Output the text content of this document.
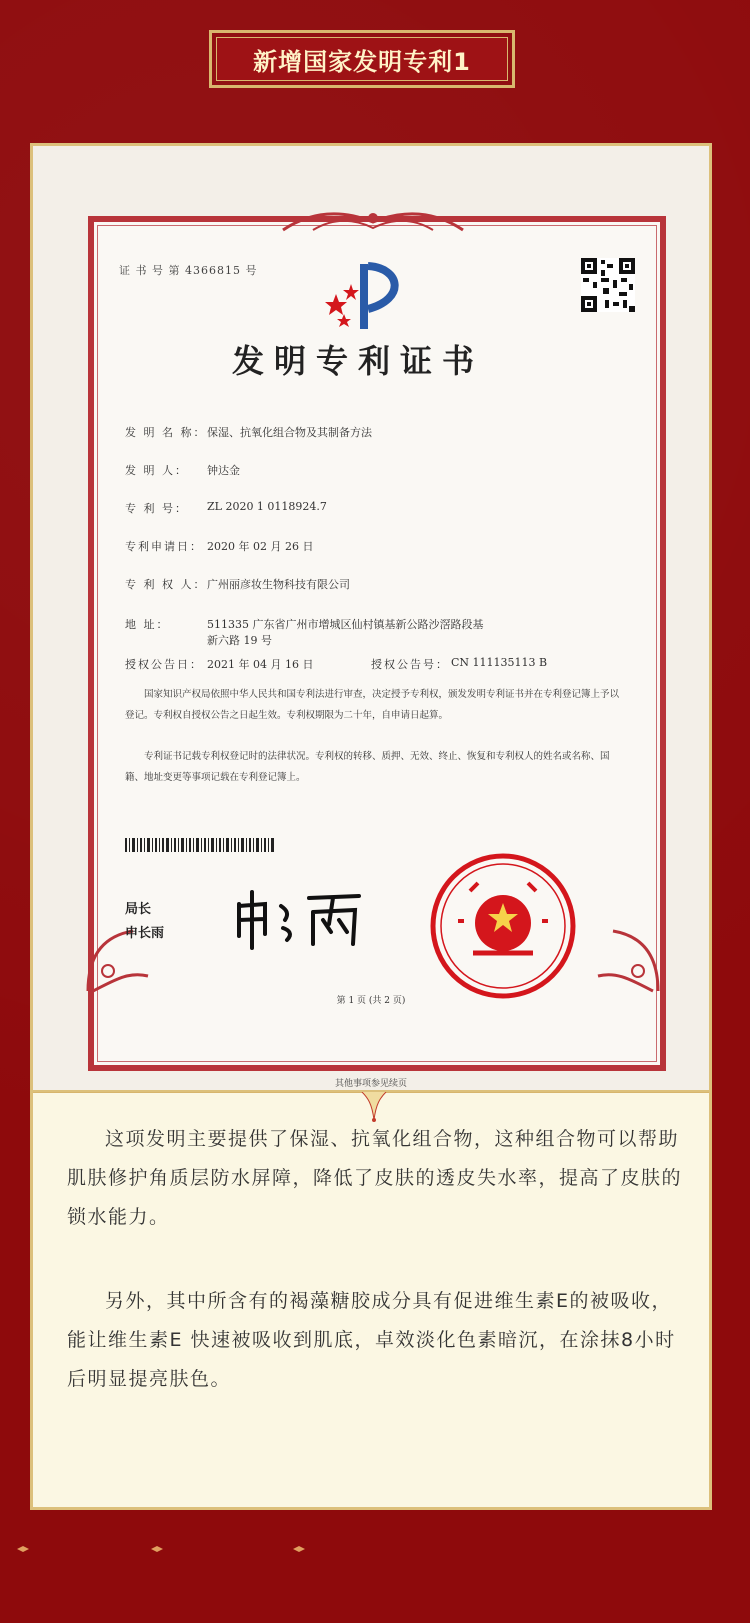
新增国家发明专利1
证 书 号 第 4366815 号
发明专利证书
发 明 名 称： 保湿、抗氧化组合物及其制备方法
发 明 人：	钟达金
专 利 号：	ZL 2020 1 0118924.7
专利申请日： 2020 年 02 月 26 日
专 利 权 人： 广州丽彦妆生物科技有限公司
地 址：	511335 广东省广州市增城区仙村镇基新公路沙滘路段基
新六路 19 号
授权公告日： 2021 年 04 月 16 日	授权公告号： CN 111135113 B
国家知识产权局依照中华人民共和国专利法进行审查，决定授予专利权，颁发发明专利证书并在专利登记簿上予以登记。专利权自授权公告之日起生效。专利权期限为二十年，自申请日起算。
专利证书记载专利权登记时的法律状况。专利权的转移、质押、无效、终止、恢复和专利权人的姓名或名称、国籍、地址变更等事项记载在专利登记簿上。
局长
申长雨
第 1 页 (共 2 页)
其他事项参见续页
这项发明主要提供了保湿、抗氧化组合物，这种组合物可以帮助肌肤修护角质层防水屏障，降低了皮肤的透皮失水率，提高了皮肤的锁水能力。
另外，其中所含有的褐藻糖胶成分具有促进维生素E的被吸收，能让维生素E 快速被吸收到肌底，卓效淡化色素暗沉，在涂抹8小时后明显提亮肤色。
